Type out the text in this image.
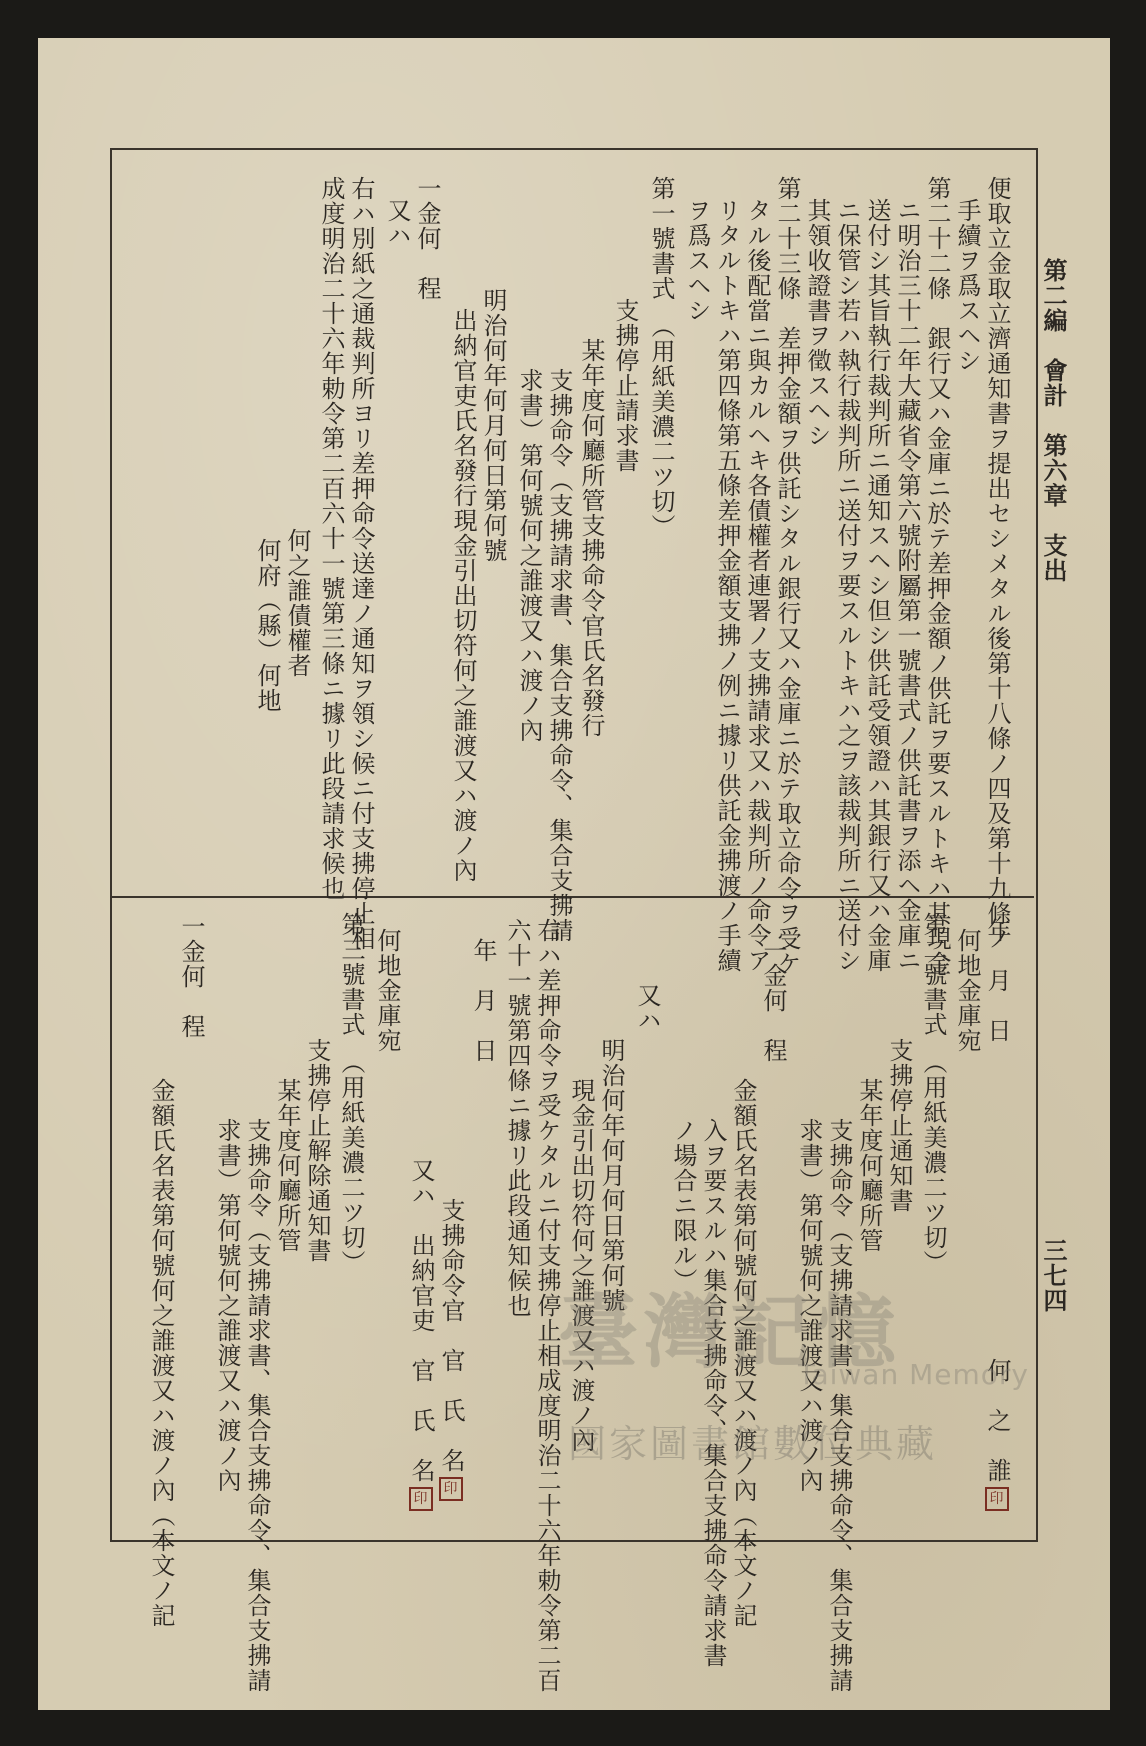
第二編　會計　第六章　支出
三七四
便取立金取立濟通知書ヲ提出セシメタル後第十八條ノ四及第十九條ノ
手續ヲ爲スヘシ
第二十二條　銀行又ハ金庫ニ於テ差押金額ノ供託ヲ要スルトキハ其現金
ニ明治三十二年大藏省令第六號附屬第一號書式ノ供託書ヲ添ヘ金庫ニ
送付シ其旨執行裁判所ニ通知スヘシ但シ供託受領證ハ其銀行又ハ金庫
ニ保管シ若ハ執行裁判所ニ送付ヲ要スルトキハ之ヲ該裁判所ニ送付シ
其領收證書ヲ徵スヘシ
第二十三條　差押金額ヲ供託シタル銀行又ハ金庫ニ於テ取立命令ヲ受ケ
タル後配當ニ與カルヘキ各債權者連署ノ支拂請求又ハ裁判所ノ命令ア
リタルトキハ第四條第五條差押金額支拂ノ例ニ據リ供託金拂渡ノ手續
ヲ爲スヘシ
第一號書式　（用紙美濃二ツ切）
支拂停止請求書
某年度何廳所管支拂命令官氏名發行
支拂命令（支拂請求書、集合支拂命令、集合支拂請
求書）第何號何之誰渡又ハ渡ノ內
明治何年何月何日第何號
出納官吏氏名發行現金引出切符何之誰渡又ハ渡ノ內
一金何　程
又ハ
右ハ別紙之通裁判所ヨリ差押命令送達ノ通知ヲ領シ候ニ付支拂停止相
成度明治二十六年勅令第二百六十一號第三條ニ據リ此段請求候也
何之誰債權者
何府（縣）何地
年　月　日
何　之　誰印
何地金庫宛
第二號書式　（用紙美濃二ツ切）
支拂停止通知書
某年度何廳所管
支拂命令（支拂請求書、集合支拂命令、集合支拂請
求書）第何號何之誰渡又ハ渡ノ內
一金何　程
金額氏名表第何號何之誰渡又ハ渡ノ內（本文ノ記
入ヲ要スルハ集合支拂命令、集合支拂命令請求書
ノ場合ニ限ル）
又ハ
明治何年何月何日第何號
現金引出切符何之誰渡又ハ渡ノ內
右ハ差押命令ヲ受ケタルニ付支拂停止相成度明治二十六年勅令第二百
六十一號第四條ニ據リ此段通知候也
年　月　日
支拂命令官　官　氏　名印
又ハ　出納官吏　官　氏　名印
何地金庫宛
第三號書式　（用紙美濃二ツ切）
支拂停止解除通知書
某年度何廳所管
支拂命令（支拂請求書、集合支拂命令、集合支拂請
求書）第何號何之誰渡又ハ渡ノ內
一金何　程
金額氏名表第何號何之誰渡又ハ渡ノ內（本文ノ記	臺灣記憶
Taiwan Memory
國家圖書館數位典藏
